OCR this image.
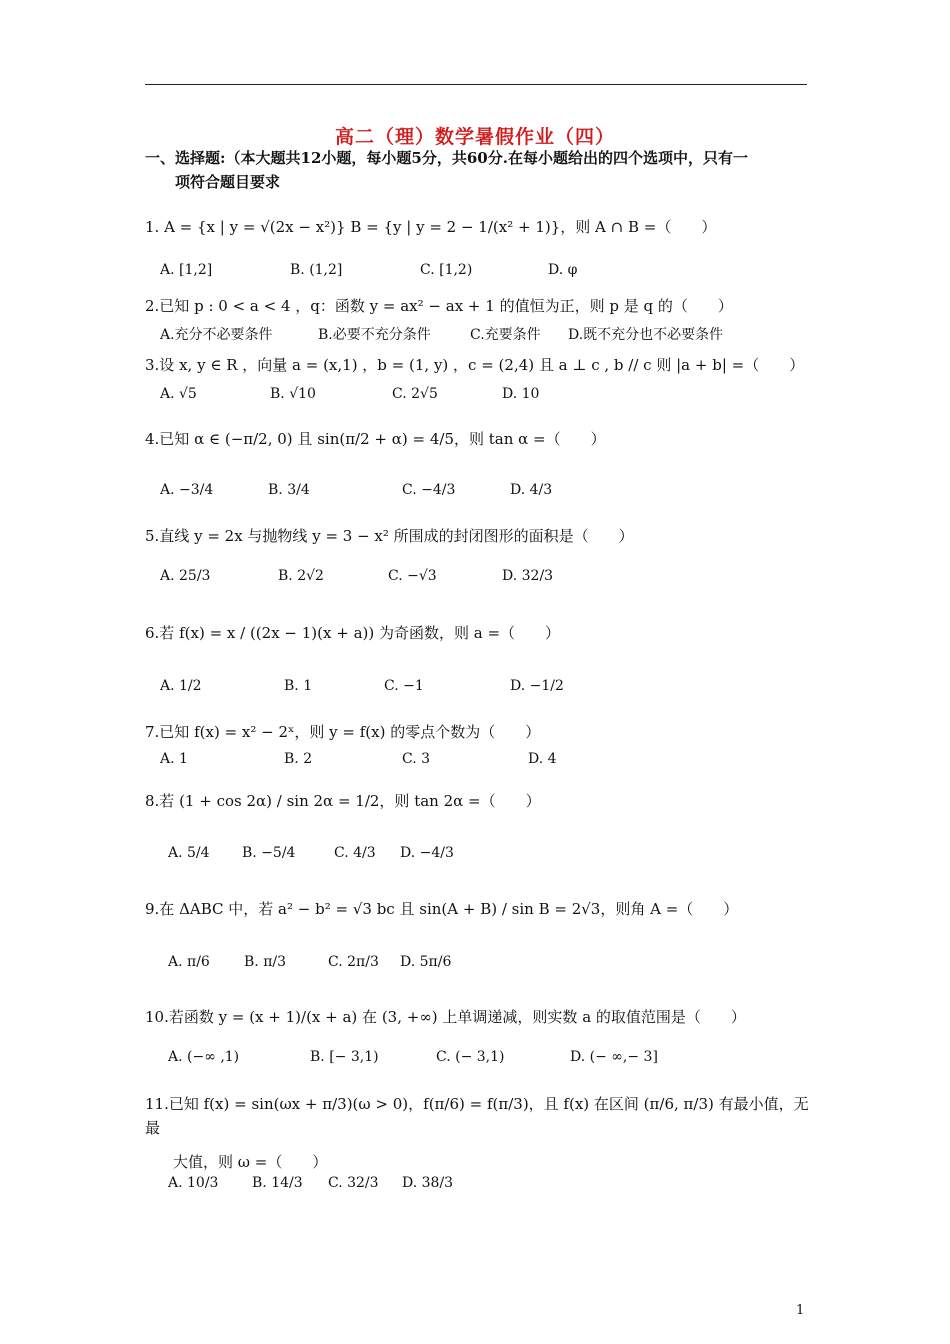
高二（理）数学暑假作业（四）
一、选择题:（本大题共12小题，每小题5分，共60分.在每小题给出的四个选项中，只有一
项符合题目要求
1. A = {x | y = √(2x − x²)} B = {y | y = 2 − 1/(x² + 1)}，则 A ∩ B =（　　）
A. [1,2]	B. (1,2]	C. [1,2)	D. φ
2.已知 p : 0 < a < 4 ，q：函数 y = ax² − ax + 1 的值恒为正，则 p 是 q 的（　　）
A.充分不必要条件	B.必要不充分条件	C.充要条件 D.既不充分也不必要条件
3.设 x, y ∈ R ，向量 a = (x,1) ，b = (1, y) ，c = (2,4) 且 a ⊥ c , b // c 则 |a + b| =（　　）
A. √5	B. √10	C. 2√5	D. 10
4.已知 α ∈ (−π/2, 0) 且 sin(π/2 + α) = 4/5，则 tan α =（　　）
A. −3/4	B. 3/4	C. −4/3	D. 4/3
5.直线 y = 2x 与抛物线 y = 3 − x² 所围成的封闭图形的面积是（　　）
A. 25/3	B. 2√2	C. −√3	D. 32/3
6.若 f(x) = x / ((2x − 1)(x + a)) 为奇函数，则 a =（　　）
A. 1/2	B. 1	C. −1	D. −1/2
7.已知 f(x) = x² − 2ˣ，则 y = f(x) 的零点个数为（　　）
A. 1	B. 2	C. 3	D. 4
8.若 (1 + cos 2α) / sin 2α = 1/2，则 tan 2α =（　　）
A. 5/4 B. −5/4	C. 4/3 D. −4/3
9.在 ΔABC 中，若 a² − b² = √3 bc 且 sin(A + B) / sin B = 2√3，则角 A =（　　）
A. π/6 B. π/3	C. 2π/3 D. 5π/6
10.若函数 y = (x + 1)/(x + a) 在 (3, +∞) 上单调递减，则实数 a 的取值范围是（　　）
A. (−∞ ,1)	B. [− 3,1)	C. (− 3,1)	D. (− ∞,− 3]
11.已知 f(x) = sin(ωx + π/3)(ω > 0)，f(π/6) = f(π/3)，且 f(x) 在区间 (π/6, π/3) 有最小值，无最
大值，则 ω =（　　）
A. 10/3 B. 14/3 C. 32/3 D. 38/3
1
